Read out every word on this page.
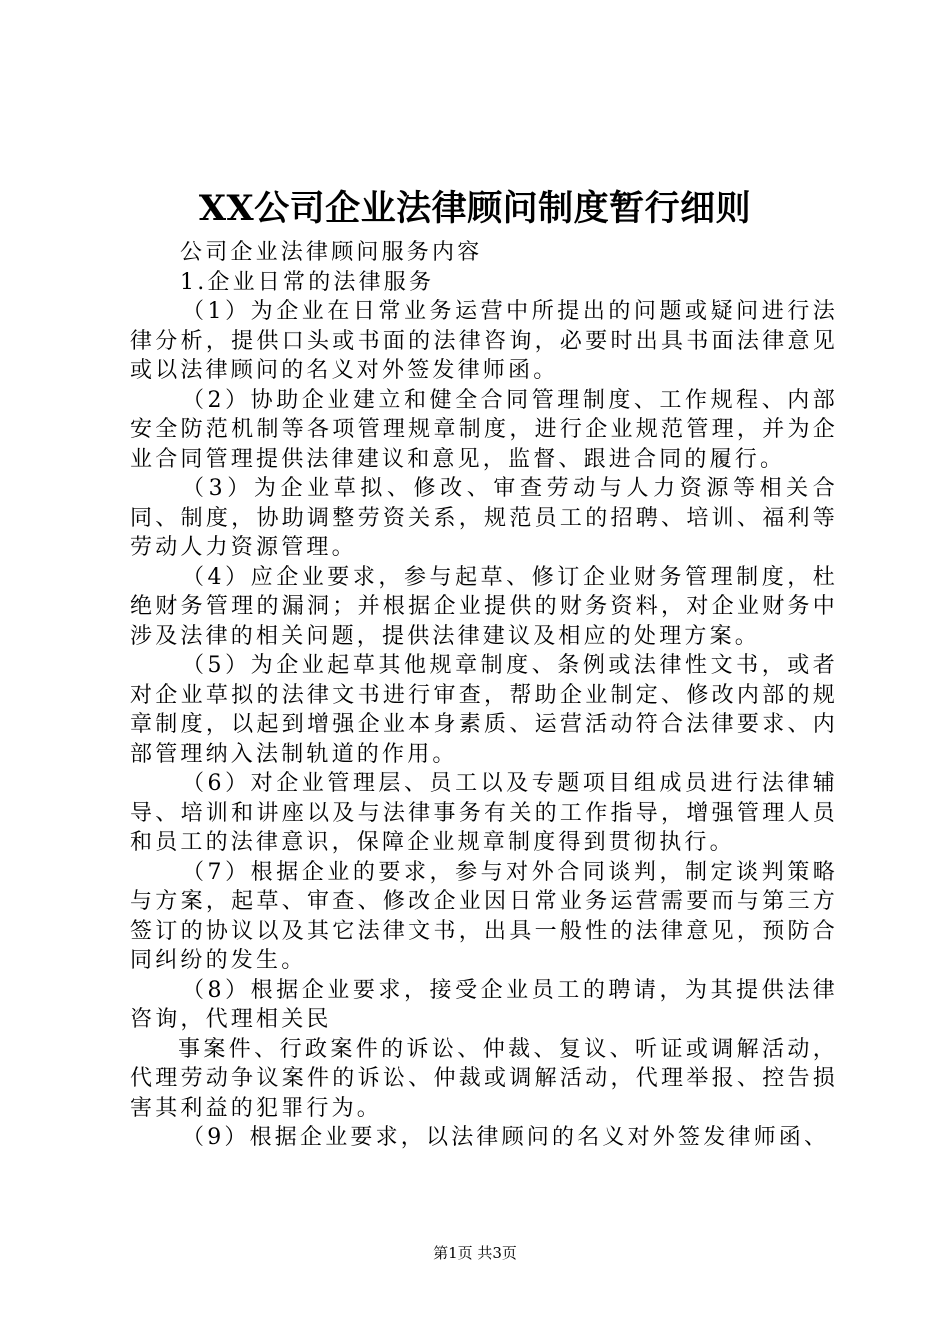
XX公司企业法律顾问制度暂行细则

公司企业法律顾问服务内容

1.企业日常的法律服务

（1）为企业在日常业务运营中所提出的问题或疑问进行法律分析，提供口头或书面的法律咨询，必要时出具书面法律意见或以法律顾问的名义对外签发律师函。

（2）协助企业建立和健全合同管理制度、工作规程、内部安全防范机制等各项管理规章制度，进行企业规范管理，并为企业合同管理提供法律建议和意见，监督、跟进合同的履行。

（3）为企业草拟、修改、审查劳动与人力资源等相关合同、制度，协助调整劳资关系，规范员工的招聘、培训、福利等劳动人力资源管理。

（4）应企业要求，参与起草、修订企业财务管理制度，杜绝财务管理的漏洞；并根据企业提供的财务资料，对企业财务中涉及法律的相关问题，提供法律建议及相应的处理方案。

（5）为企业起草其他规章制度、条例或法律性文书，或者对企业草拟的法律文书进行审查，帮助企业制定、修改内部的规章制度，以起到增强企业本身素质、运营活动符合法律要求、内部管理纳入法制轨道的作用。

（6）对企业管理层、员工以及专题项目组成员进行法律辅导、培训和讲座以及与法律事务有关的工作指导，增强管理人员和员工的法律意识，保障企业规章制度得到贯彻执行。

（7）根据企业的要求，参与对外合同谈判，制定谈判策略与方案，起草、审查、修改企业因日常业务运营需要而与第三方签订的协议以及其它法律文书，出具一般性的法律意见，预防合同纠纷的发生。

（8）根据企业要求，接受企业员工的聘请，为其提供法律咨询，代理相关民

事案件、行政案件的诉讼、仲裁、复议、听证或调解活动，代理劳动争议案件的诉讼、仲裁或调解活动，代理举报、控告损害其利益的犯罪行为。

（9）根据企业要求，以法律顾问的名义对外签发律师函、

第1页 共3页
